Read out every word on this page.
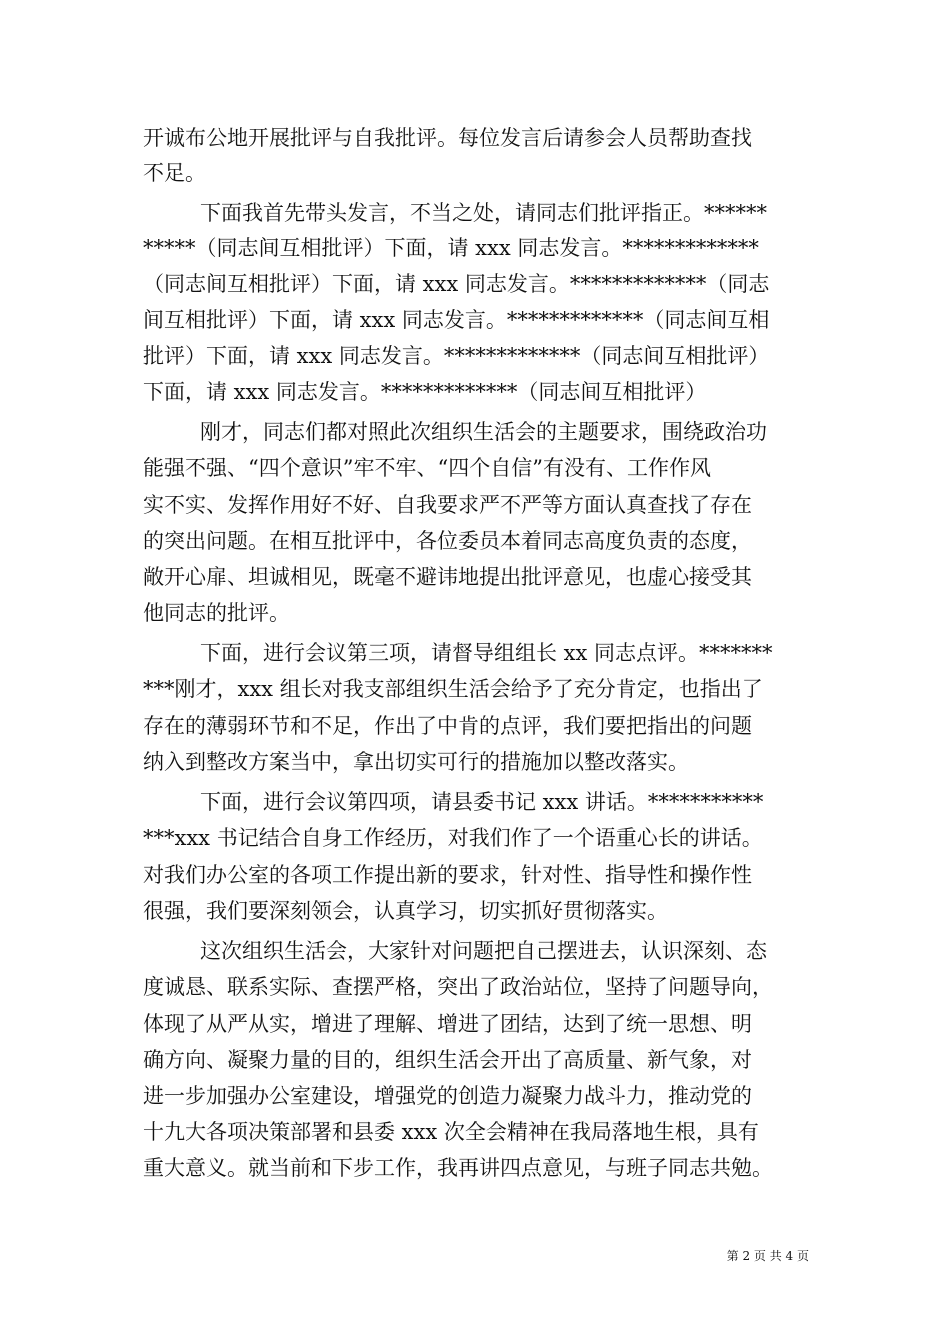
开诚布公地开展批评与自我批评。每位发言后请参会人员帮助查找
不足。
下面我首先带头发言，不当之处，请同志们批评指正。******
*****（同志间互相批评）下面，请 xxx 同志发言。*************
（同志间互相批评）下面，请 xxx 同志发言。*************（同志
间互相批评）下面，请 xxx 同志发言。*************（同志间互相
批评）下面，请 xxx 同志发言。*************（同志间互相批评）
下面，请 xxx 同志发言。*************（同志间互相批评）
刚才，同志们都对照此次组织生活会的主题要求，围绕政治功
能强不强、“四个意识”牢不牢、“四个自信”有没有、工作作风
实不实、发挥作用好不好、自我要求严不严等方面认真查找了存在
的突出问题。在相互批评中，各位委员本着同志高度负责的态度，
敞开心扉、坦诚相见，既毫不避讳地提出批评意见，也虚心接受其
他同志的批评。
下面，进行会议第三项，请督导组组长 xx 同志点评。*******
***刚才，xxx 组长对我支部组织生活会给予了充分肯定，也指出了
存在的薄弱环节和不足，作出了中肯的点评，我们要把指出的问题
纳入到整改方案当中，拿出切实可行的措施加以整改落实。
下面，进行会议第四项，请县委书记 xxx 讲话。***********
***xxx 书记结合自身工作经历，对我们作了一个语重心长的讲话。
对我们办公室的各项工作提出新的要求，针对性、指导性和操作性
很强，我们要深刻领会，认真学习，切实抓好贯彻落实。
这次组织生活会，大家针对问题把自己摆进去，认识深刻、态
度诚恳、联系实际、查摆严格，突出了政治站位，坚持了问题导向，
体现了从严从实，增进了理解、增进了团结，达到了统一思想、明
确方向、凝聚力量的目的，组织生活会开出了高质量、新气象，对
进一步加强办公室建设，增强党的创造力凝聚力战斗力，推动党的
十九大各项决策部署和县委 xxx 次全会精神在我局落地生根，具有
重大意义。就当前和下步工作，我再讲四点意见，与班子同志共勉。
第 2 页 共 4 页
